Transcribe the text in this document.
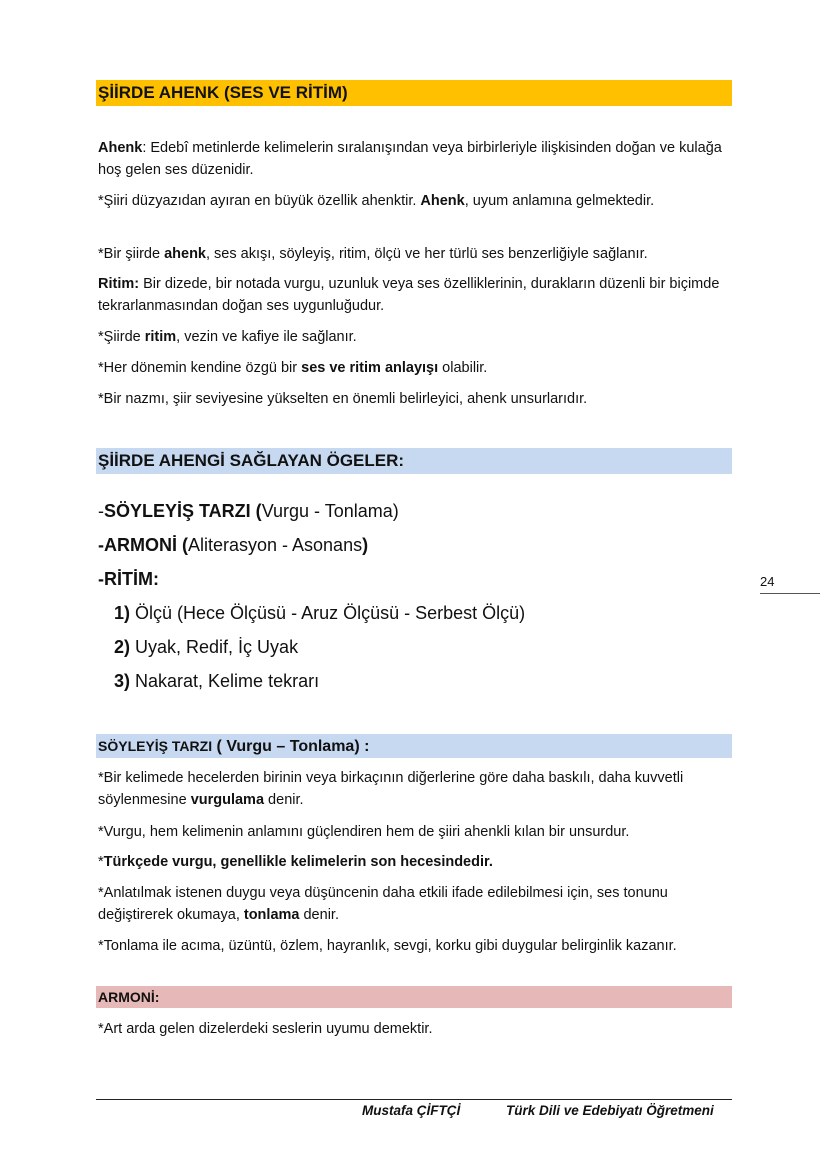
ŞİİRDE AHENK (SES VE RİTİM)
Ahenk: Edebî metinlerde kelimelerin sıralanışından veya birbirleriyle ilişkisinden doğan ve kulağa hoş gelen ses düzenidir.
*Şiiri düzyazıdan ayıran en büyük özellik ahenktir. Ahenk, uyum anlamına gelmektedir.
*Bir şiirde ahenk, ses akışı, söyleyiş, ritim, ölçü ve her türlü ses benzerliğiyle sağlanır.
Ritim: Bir dizede, bir notada vurgu, uzunluk veya ses özelliklerinin, durakların düzenli bir biçimde tekrarlanmasından doğan ses uygunluğudur.
*Şiirde ritim, vezin ve kafiye ile sağlanır.
*Her dönemin kendine özgü bir ses ve ritim anlayışı olabilir.
*Bir nazmı, şiir seviyesine yükselten en önemli belirleyici, ahenk unsurlarıdır.
ŞİİRDE AHENGİ SAĞLAYAN ÖGELER:
-SÖYLEYİŞ TARZI (Vurgu - Tonlama)
-ARMONİ (Aliterasyon - Asonans)
-RİTİM:
1) Ölçü (Hece Ölçüsü - Aruz Ölçüsü - Serbest Ölçü)
2) Uyak, Redif, İç Uyak
3) Nakarat, Kelime tekrarı
SÖYLEYİŞ TARZI ( Vurgu – Tonlama) :
*Bir kelimede hecelerden birinin veya birkaçının diğerlerine göre daha baskılı, daha kuvvetli söylenmesine vurgulama denir.
*Vurgu, hem kelimenin anlamını güçlendiren hem de şiiri ahenkli kılan bir unsurdur.
*Türkçede vurgu, genellikle kelimelerin son hecesindedir.
*Anlatılmak istenen duygu veya düşüncenin daha etkili ifade edilebilmesi için, ses tonunu değiştirerek okumaya, tonlama denir.
*Tonlama ile acıma, üzüntü, özlem, hayranlık, sevgi, korku gibi duygular belirginlik kazanır.
ARMONİ:
*Art arda gelen dizelerdeki seslerin uyumu demektir.
24
Mustafa ÇİFTÇİ	Türk Dili ve Edebiyatı Öğretmeni
